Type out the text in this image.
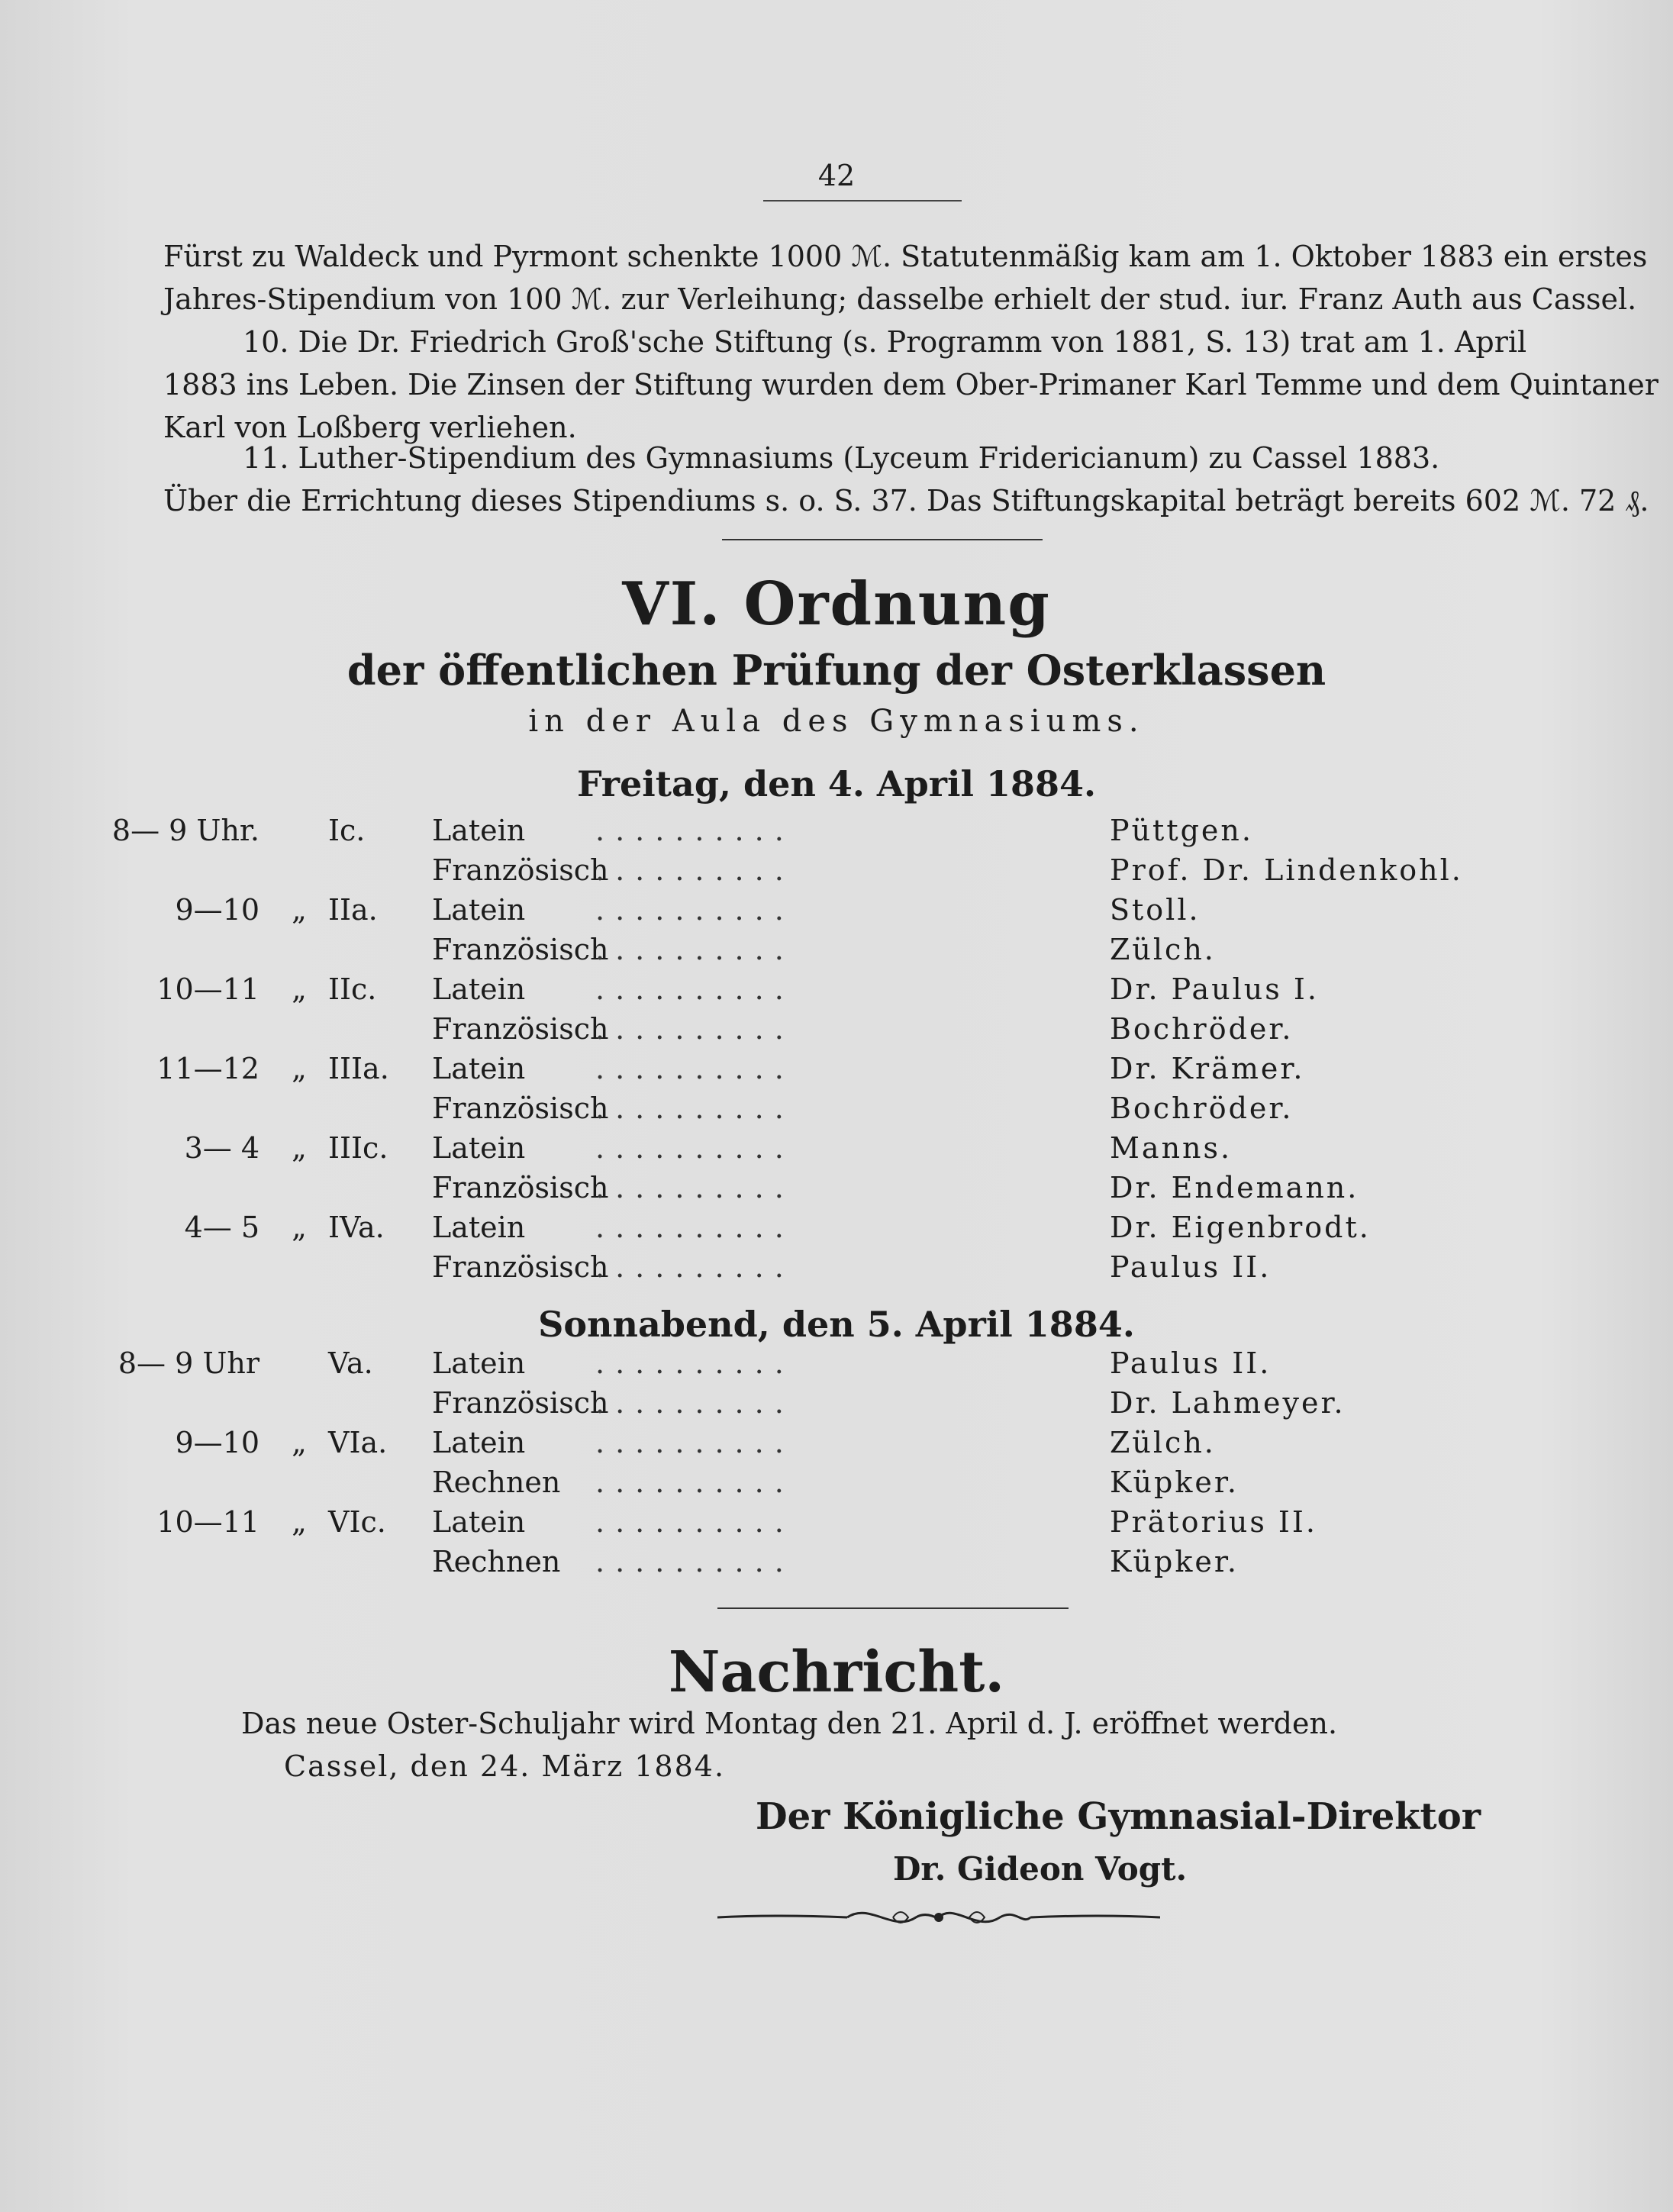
42
Fürst zu Waldeck und Pyrmont schenkte 1000 ℳ. Statutenmäßig kam am 1. Oktober 1883 ein erstes
Jahres-Stipendium von 100 ℳ. zur Verleihung; dasselbe erhielt der stud. iur. Franz Auth aus Cassel.
10. Die Dr. Friedrich Groß'sche Stiftung (s. Programm von 1881, S. 13) trat am 1. April
1883 ins Leben. Die Zinsen der Stiftung wurden dem Ober-Primaner Karl Temme und dem Quintaner
Karl von Loßberg verliehen.
11. Luther-Stipendium des Gymnasiums (Lyceum Fridericianum) zu Cassel 1883.
Über die Errichtung dieses Stipendiums s. o. S. 37. Das Stiftungskapital beträgt bereits 602 ℳ. 72 ₰.
VI. Ordnung
der öffentlichen Prüfung der Osterklassen
in der Aula des Gymnasiums.
Freitag, den 4. April 1884.
8— 9 Uhr. Ic.	Latein	Püttgen.
..........
Französisch	Prof. Dr. Lindenkohl.
..........
9—10 „ IIa.	Latein	Stoll.
..........
Französisch	Zülch.
..........
10—11 „ IIc.	Latein	Dr. Paulus I.
..........
Französisch	Bochröder.
..........
11—12 „ IIIa.	Latein	Dr. Krämer.
..........
Französisch	Bochröder.
..........
3— 4 „ IIIc.	Latein	Manns.
..........
Französisch	Dr. Endemann.
..........
4— 5 „ IVa.	Latein	Dr. Eigenbrodt.
..........
Französisch	Paulus II.
..........
Sonnabend, den 5. April 1884.
8— 9 Uhr Va.	Latein	Paulus II.
..........
Französisch	Dr. Lahmeyer.
..........
9—10 „ VIa.	Latein	Zülch.
..........
Rechnen	Küpker.
..........
10—11 „ VIc.	Latein	Prätorius II.
..........
Rechnen	Küpker.
..........
Nachricht.
Das neue Oster-Schuljahr wird Montag den 21. April d. J. eröffnet werden.
Cassel, den 24. März 1884.
Der Königliche Gymnasial-Direktor
Dr. Gideon Vogt.
